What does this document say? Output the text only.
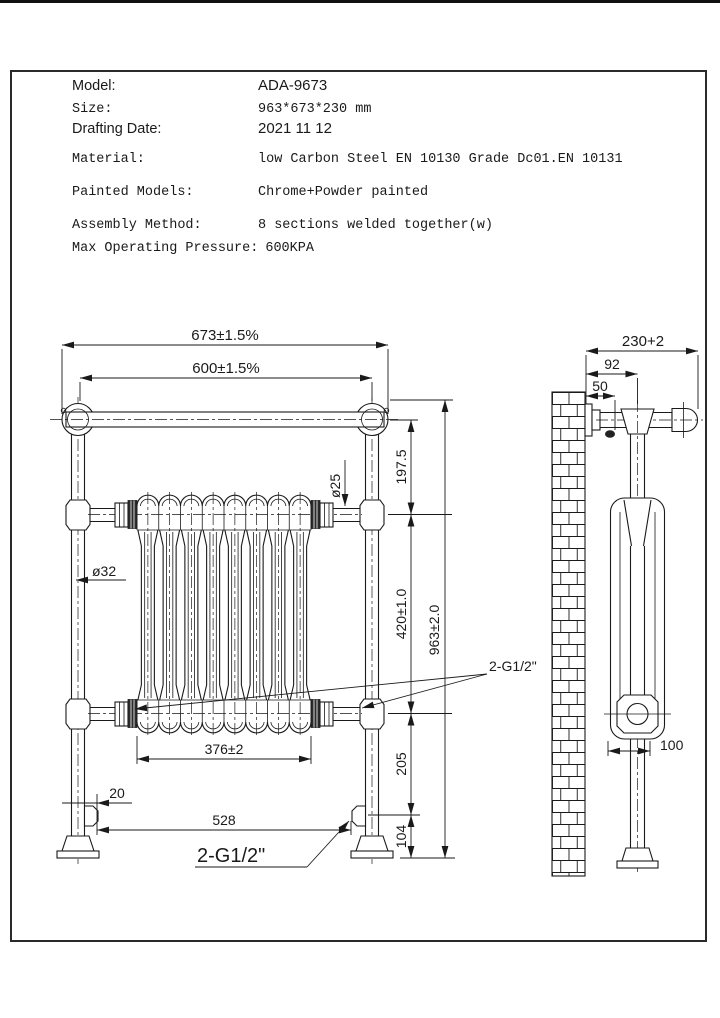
Model:	ADA-9673
Size:	963*673*230 mm
Drafting Date:	2021 11 12
Material:	low Carbon Steel EN 10130 Grade Dc01.EN 10131
Painted Models:	Chrome+Powder painted
Assembly Method:	8 sections welded together(w)
Max Operating Pressure: 600KPA
673±1.5%
600±1.5%
197.5
ø25
ø32
420±1.0
205
104
963±2.0
376±2
20
528
2-G1/2"
2-G1/2"
230+2
92
50
100
